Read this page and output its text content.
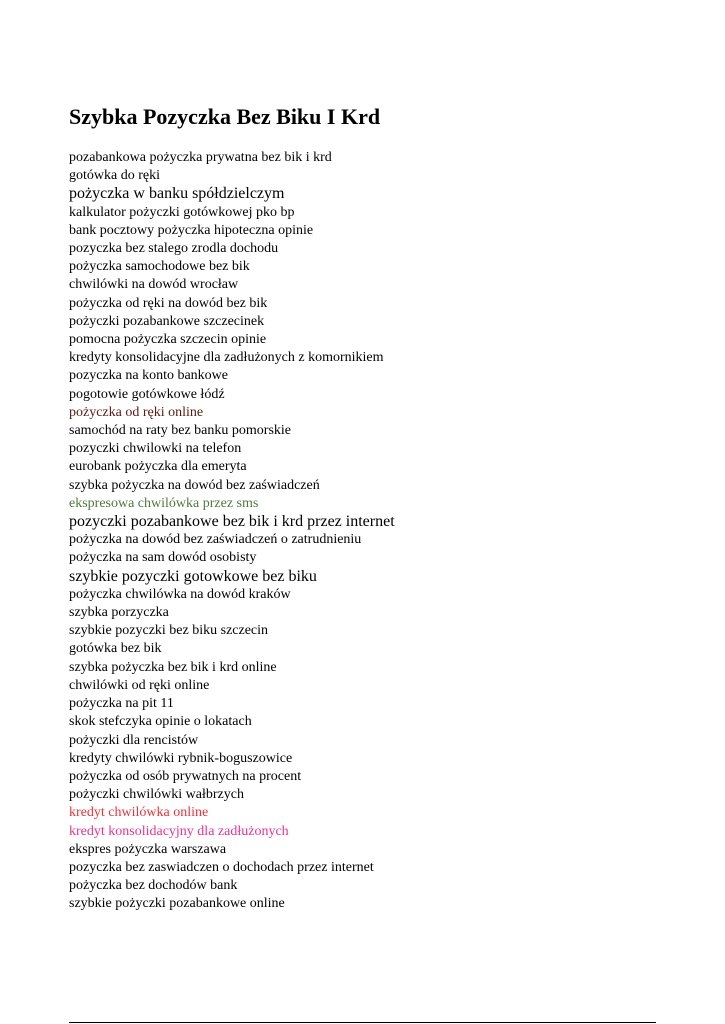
Szybka Pozyczka Bez Biku I Krd
pozabankowa pożyczka prywatna bez bik i krd
gotówka do ręki
pożyczka w banku spółdzielczym
kalkulator pożyczki gotówkowej pko bp
bank pocztowy pożyczka hipoteczna opinie
pozyczka bez stalego zrodla dochodu
pożyczka samochodowe bez bik
chwilówki na dowód wrocław
pożyczka od ręki na dowód bez bik
pożyczki pozabankowe szczecinek
pomocna pożyczka szczecin opinie
kredyty konsolidacyjne dla zadłużonych z komornikiem
pozyczka na konto bankowe
pogotowie gotówkowe łódź
pożyczka od ręki online
samochód na raty bez banku pomorskie
pozyczki chwilowki na telefon
eurobank pożyczka dla emeryta
szybka pożyczka na dowód bez zaświadczeń
ekspresowa chwilówka przez sms
pozyczki pozabankowe bez bik i krd przez internet
pożyczka na dowód bez zaświadczeń o zatrudnieniu
pożyczka na sam dowód osobisty
szybkie pozyczki gotowkowe bez biku
pożyczka chwilówka na dowód kraków
szybka porzyczka
szybkie pozyczki bez biku szczecin
gotówka bez bik
szybka pożyczka bez bik i krd online
chwilówki od ręki online
pożyczka na pit 11
skok stefczyka opinie o lokatach
pożyczki dla rencistów
kredyty chwilówki rybnik-boguszowice
pożyczka od osób prywatnych na procent
pożyczki chwilówki wałbrzych
kredyt chwilówka online
kredyt konsolidacyjny dla zadłużonych
ekspres pożyczka warszawa
pozyczka bez zaswiadczen o dochodach przez internet
pożyczka bez dochodów bank
szybkie pożyczki pozabankowe online
